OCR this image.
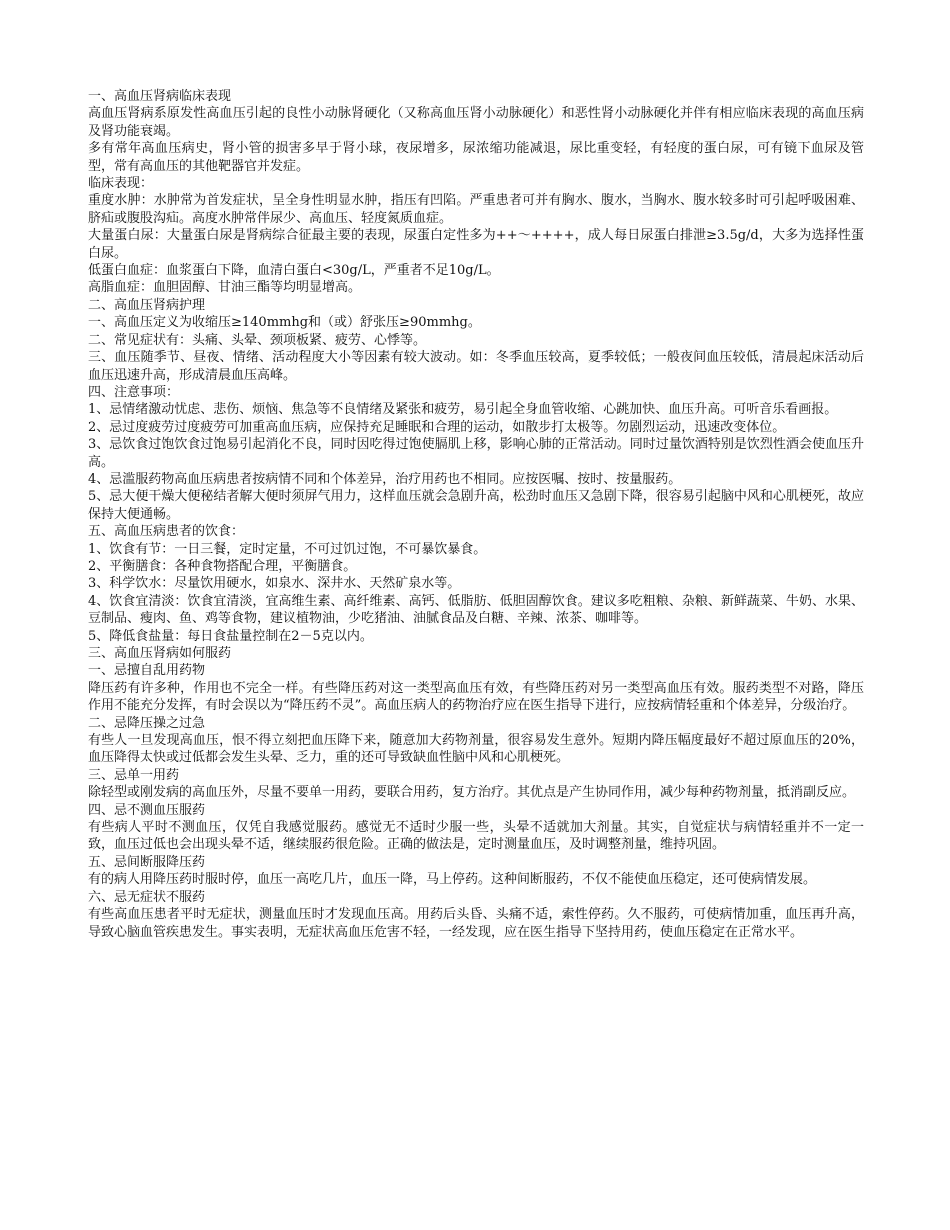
一、高血压肾病临床表现
高血压肾病系原发性高血压引起的良性小动脉肾硬化（又称高血压肾小动脉硬化）和恶性肾小动脉硬化并伴有相应临床表现的高血压病及肾功能衰竭。
多有常年高血压病史，肾小管的损害多早于肾小球，夜尿增多，尿浓缩功能减退，尿比重变轻，有轻度的蛋白尿，可有镜下血尿及管型，常有高血压的其他靶器官并发症。
临床表现：
重度水肿：水肿常为首发症状，呈全身性明显水肿，指压有凹陷。严重患者可并有胸水、腹水，当胸水、腹水较多时可引起呼吸困难、脐疝或腹股沟疝。高度水肿常伴尿少、高血压、轻度氮质血症。
大量蛋白尿：大量蛋白尿是肾病综合征最主要的表现，尿蛋白定性多为++～++++，成人每日尿蛋白排泄≥3.5g/d，大多为选择性蛋白尿。
低蛋白血症：血浆蛋白下降，血清白蛋白<30g/L，严重者不足10g/L。
高脂血症：血胆固醇、甘油三酯等均明显增高。
二、高血压肾病护理
一、高血压定义为收缩压≥140mmhg和（或）舒张压≥90mmhg。
二、常见症状有：头痛、头晕、颈项板紧、疲劳、心悸等。
三、血压随季节、昼夜、情绪、活动程度大小等因素有较大波动。如：冬季血压较高，夏季较低；一般夜间血压较低，清晨起床活动后血压迅速升高，形成清晨血压高峰。
四、注意事项：
1、忌情绪激动忧虑、悲伤、烦恼、焦急等不良情绪及紧张和疲劳，易引起全身血管收缩、心跳加快、血压升高。可听音乐看画报。
2、忌过度疲劳过度疲劳可加重高血压病，应保持充足睡眠和合理的运动，如散步打太极等。勿剧烈运动，迅速改变体位。
3、忌饮食过饱饮食过饱易引起消化不良，同时因吃得过饱使膈肌上移，影响心肺的正常活动。同时过量饮酒特别是饮烈性酒会使血压升高。
4、忌滥服药物高血压病患者按病情不同和个体差异，治疗用药也不相同。应按医嘱、按时、按量服药。
5、忌大便干燥大便秘结者解大便时须屏气用力，这样血压就会急剧升高，松劲时血压又急剧下降，很容易引起脑中风和心肌梗死，故应保持大便通畅。
五、高血压病患者的饮食：
1、饮食有节：一日三餐，定时定量，不可过饥过饱，不可暴饮暴食。
2、平衡膳食：各种食物搭配合理，平衡膳食。
3、科学饮水：尽量饮用硬水，如泉水、深井水、天然矿泉水等。
4、饮食宜清淡：饮食宜清淡，宜高维生素、高纤维素、高钙、低脂肪、低胆固醇饮食。建议多吃粗粮、杂粮、新鲜蔬菜、牛奶、水果、豆制品、瘦肉、鱼、鸡等食物，建议植物油，少吃猪油、油腻食品及白糖、辛辣、浓茶、咖啡等。
5、降低食盐量：每日食盐量控制在2－5克以内。
三、高血压肾病如何服药
一、忌擅自乱用药物
降压药有许多种，作用也不完全一样。有些降压药对这一类型高血压有效，有些降压药对另一类型高血压有效。服药类型不对路，降压作用不能充分发挥，有时会误以为“降压药不灵”。高血压病人的药物治疗应在医生指导下进行，应按病情轻重和个体差异，分级治疗。
二、忌降压操之过急
有些人一旦发现高血压，恨不得立刻把血压降下来，随意加大药物剂量，很容易发生意外。短期内降压幅度最好不超过原血压的20%，血压降得太快或过低都会发生头晕、乏力，重的还可导致缺血性脑中风和心肌梗死。
三、忌单一用药
除轻型或刚发病的高血压外，尽量不要单一用药，要联合用药，复方治疗。其优点是产生协同作用，减少每种药物剂量，抵消副反应。
四、忌不测血压服药
有些病人平时不测血压，仅凭自我感觉服药。感觉无不适时少服一些，头晕不适就加大剂量。其实，自觉症状与病情轻重并不一定一致，血压过低也会出现头晕不适，继续服药很危险。正确的做法是，定时测量血压，及时调整剂量，维持巩固。
五、忌间断服降压药
有的病人用降压药时服时停，血压一高吃几片，血压一降，马上停药。这种间断服药，不仅不能使血压稳定，还可使病情发展。
六、忌无症状不服药
有些高血压患者平时无症状，测量血压时才发现血压高。用药后头昏、头痛不适，索性停药。久不服药，可使病情加重，血压再升高，导致心脑血管疾患发生。事实表明，无症状高血压危害不轻，一经发现，应在医生指导下坚持用药，使血压稳定在正常水平。
